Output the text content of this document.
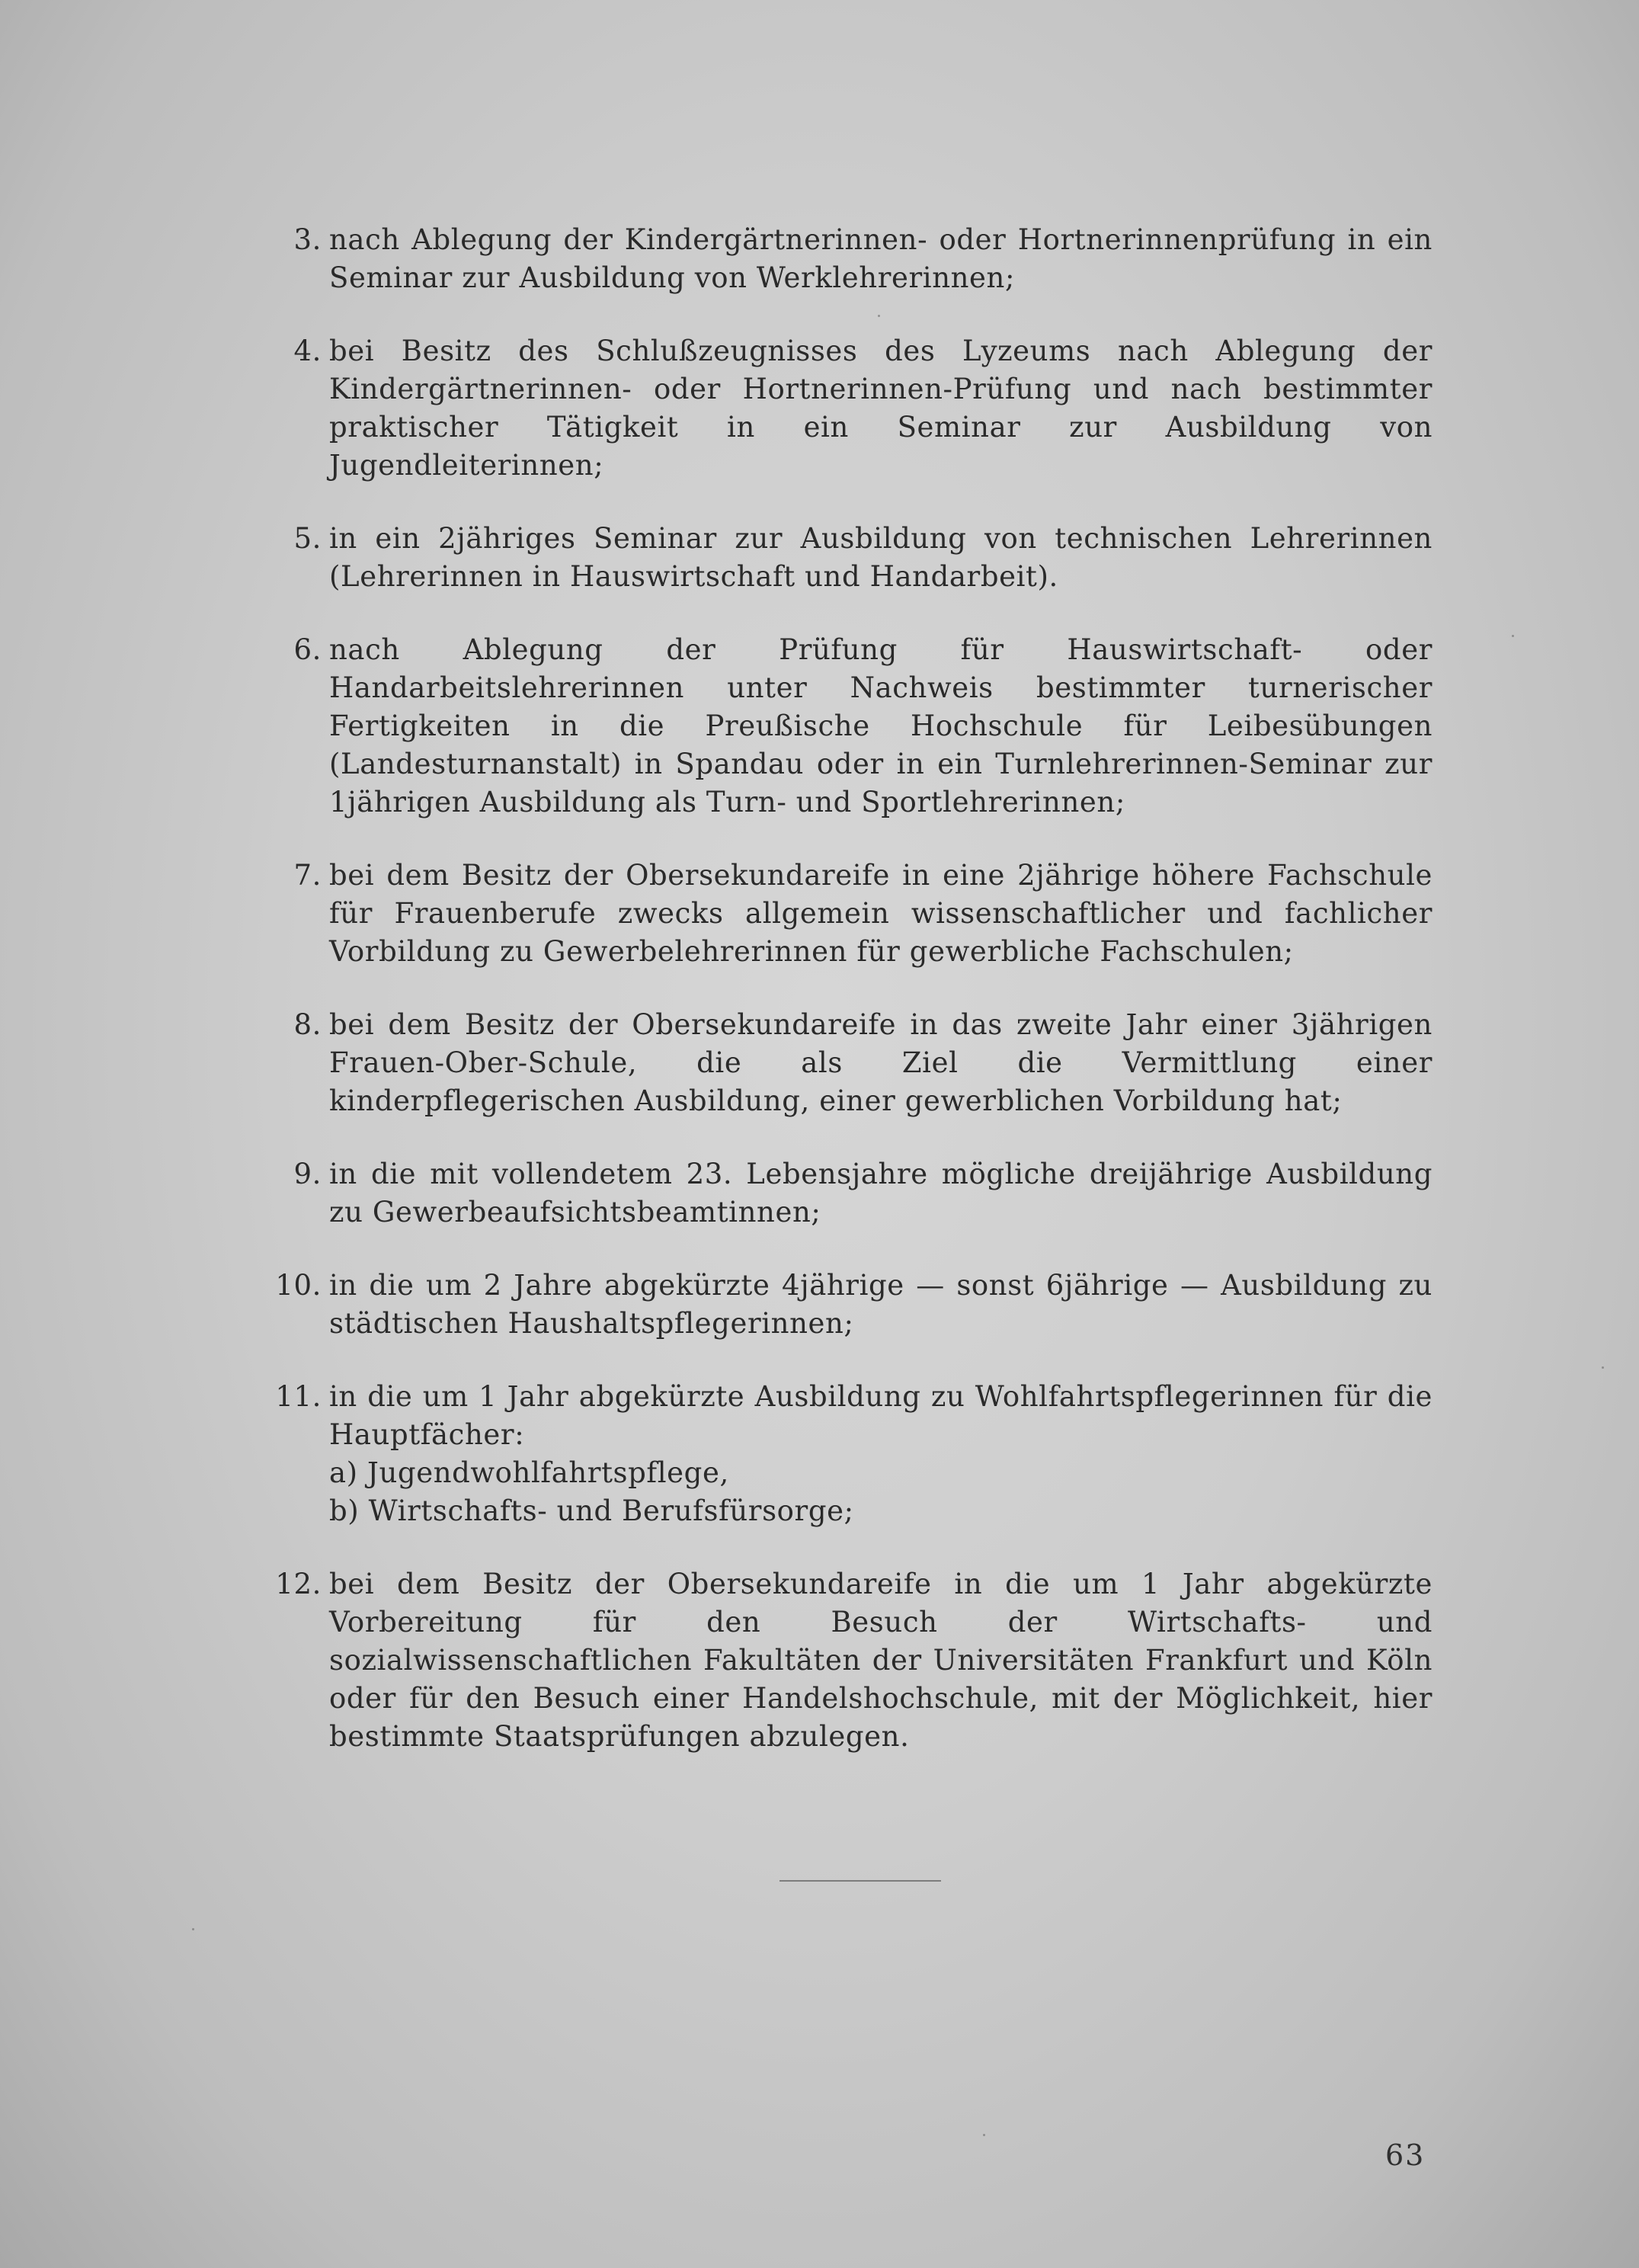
3. nach Ablegung der Kindergärtnerinnen- oder Hortnerinnenprüfung in ein Seminar zur Ausbildung von Werklehrerinnen;
4. bei Besitz des Schlußzeugnisses des Lyzeums nach Ablegung der Kindergärtnerinnen- oder Hortnerinnen-Prüfung und nach bestimmter praktischer Tätigkeit in ein Seminar zur Ausbildung von Jugendleiterinnen;
5. in ein 2jähriges Seminar zur Ausbildung von technischen Lehrerinnen (Lehrerinnen in Hauswirtschaft und Handarbeit).
6. nach Ablegung der Prüfung für Hauswirtschaft- oder Handarbeitslehrerinnen unter Nachweis bestimmter turnerischer Fertigkeiten in die Preußische Hochschule für Leibesübungen (Landesturnanstalt) in Spandau oder in ein Turnlehrerinnen-Seminar zur 1jährigen Ausbildung als Turn- und Sportlehrerinnen;
7. bei dem Besitz der Obersekundareife in eine 2jährige höhere Fachschule für Frauenberufe zwecks allgemein wissenschaftlicher und fachlicher Vorbildung zu Gewerbelehrerinnen für gewerbliche Fachschulen;
8. bei dem Besitz der Obersekundareife in das zweite Jahr einer 3jährigen Frauen-Ober-Schule, die als Ziel die Vermittlung einer kinderpflegerischen Ausbildung, einer gewerblichen Vorbildung hat;
9. in die mit vollendetem 23. Lebensjahre mögliche dreijährige Ausbildung zu Gewerbeaufsichtsbeamtinnen;
10. in die um 2 Jahre abgekürzte 4jährige — sonst 6jährige — Ausbildung zu städtischen Haushaltspflegerinnen;
11. in die um 1 Jahr abgekürzte Ausbildung zu Wohlfahrtspflegerinnen für die Hauptfächer:
a) Jugendwohlfahrtspflege,
b) Wirtschafts- und Berufsfürsorge;
12. bei dem Besitz der Obersekundareife in die um 1 Jahr abgekürzte Vorbereitung für den Besuch der Wirtschafts- und sozialwissenschaftlichen Fakultäten der Universitäten Frankfurt und Köln oder für den Besuch einer Handelshochschule, mit der Möglichkeit, hier bestimmte Staatsprüfungen abzulegen.
63
